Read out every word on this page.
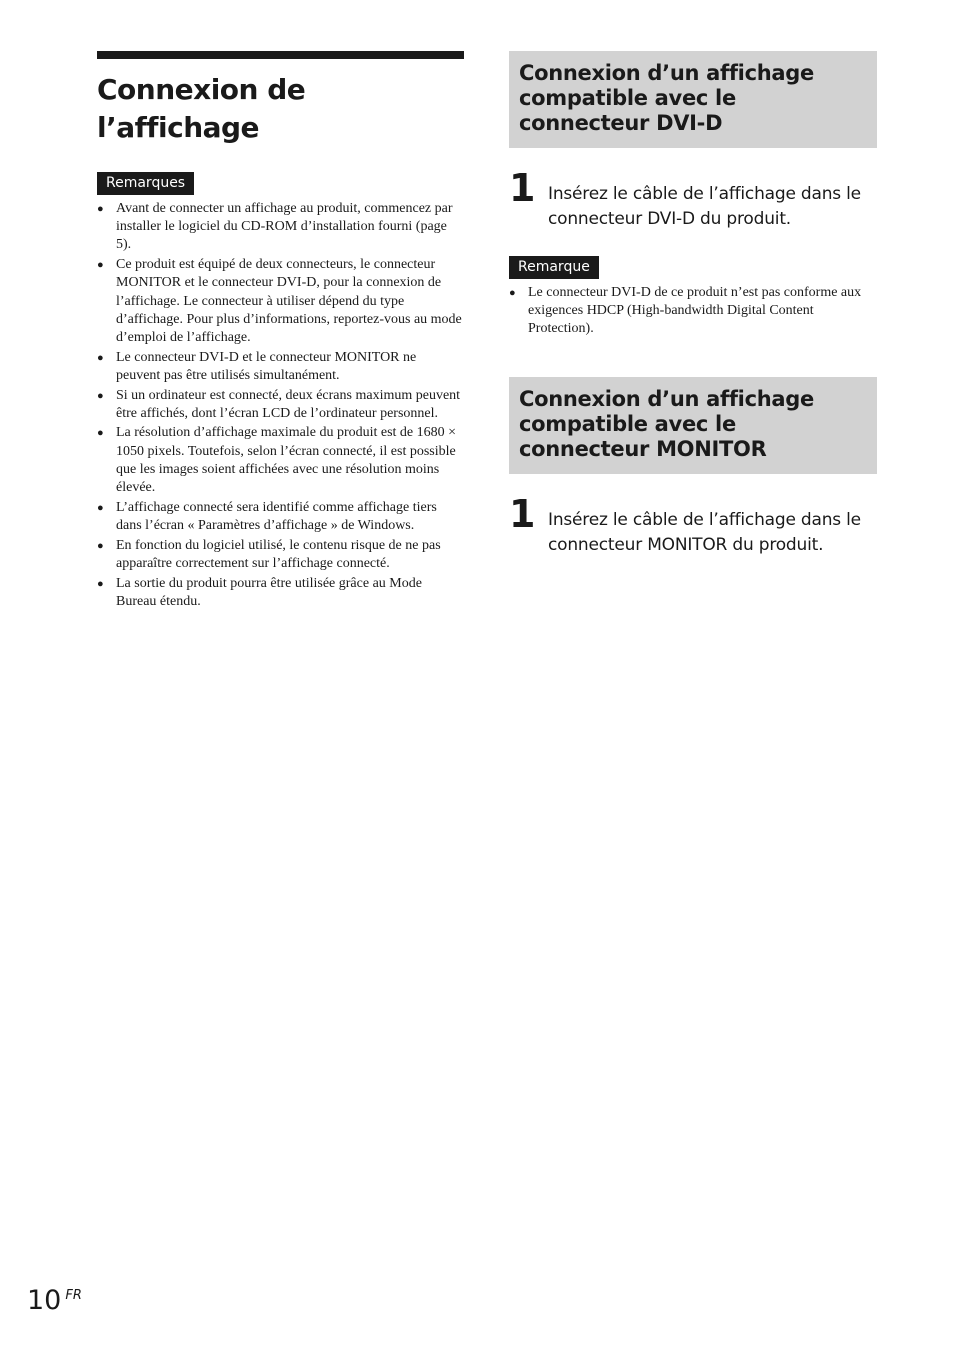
Connexion de l’affichage
Remarques
● Avant de connecter un affichage au produit, commencez par installer le logiciel du CD-ROM d’installation fourni (page 5).
● Ce produit est équipé de deux connecteurs, le connecteur MONITOR et le connecteur DVI-D, pour la connexion de l’affichage. Le connecteur à utiliser dépend du type d’affichage. Pour plus d’informations, reportez-vous au mode d’emploi de l’affichage.
● Le connecteur DVI-D et le connecteur MONITOR ne peuvent pas être utilisés simultanément.
● Si un ordinateur est connecté, deux écrans maximum peuvent être affichés, dont l’écran LCD de l’ordinateur personnel.
● La résolution d’affichage maximale du produit est de 1680 × 1050 pixels. Toutefois, selon l’écran connecté, il est possible que les images soient affichées avec une résolution moins élevée.
● L’affichage connecté sera identifié comme affichage tiers dans l’écran « Paramètres d’affichage » de Windows.
● En fonction du logiciel utilisé, le contenu risque de ne pas apparaître correctement sur l’affichage connecté.
● La sortie du produit pourra être utilisée grâce au Mode Bureau étendu.
Connexion d’un affichage compatible avec le connecteur DVI-D
1 Insérez le câble de l’affichage dans le connecteur DVI-D du produit.
Remarque
● Le connecteur DVI-D de ce produit n’est pas conforme aux exigences HDCP (High-bandwidth Digital Content Protection).
Connexion d’un affichage compatible avec le connecteur MONITOR
1 Insérez le câble de l’affichage dans le connecteur MONITOR du produit.
10 $^{FR}$
